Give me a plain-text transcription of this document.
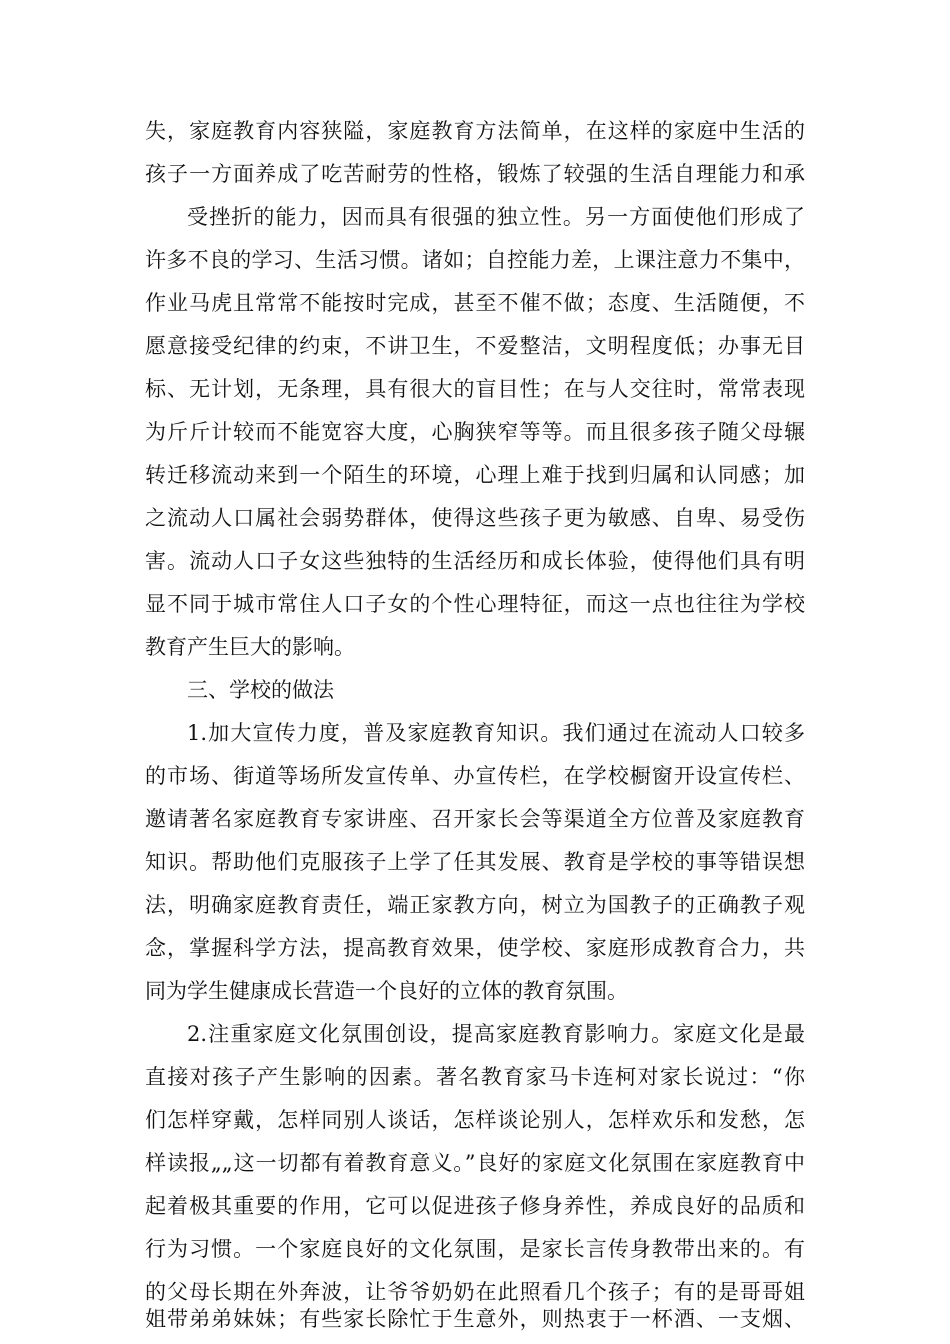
失，家庭教育内容狭隘，家庭教育方法简单，在这样的家庭中生活的
孩子一方面养成了吃苦耐劳的性格，锻炼了较强的生活自理能力和承
受挫折的能力，因而具有很强的独立性。另一方面使他们形成了
许多不良的学习、生活习惯。诸如；自控能力差，上课注意力不集中，
作业马虎且常常不能按时完成，甚至不催不做；态度、生活随便，不
愿意接受纪律的约束，不讲卫生，不爱整洁，文明程度低；办事无目
标、无计划，无条理，具有很大的盲目性；在与人交往时，常常表现
为斤斤计较而不能宽容大度，心胸狭窄等等。而且很多孩子随父母辗
转迁移流动来到一个陌生的环境，心理上难于找到归属和认同感；加
之流动人口属社会弱势群体，使得这些孩子更为敏感、自卑、易受伤
害。流动人口子女这些独特的生活经历和成长体验，使得他们具有明
显不同于城市常住人口子女的个性心理特征，而这一点也往往为学校
教育产生巨大的影响。
三、学校的做法
1.加大宣传力度，普及家庭教育知识。我们通过在流动人口较多
的市场、街道等场所发宣传单、办宣传栏，在学校橱窗开设宣传栏、
邀请著名家庭教育专家讲座、召开家长会等渠道全方位普及家庭教育
知识。帮助他们克服孩子上学了任其发展、教育是学校的事等错误想
法，明确家庭教育责任，端正家教方向，树立为国教子的正确教子观
念，掌握科学方法，提高教育效果，使学校、家庭形成教育合力，共
同为学生健康成长营造一个良好的立体的教育氛围。
2.注重家庭文化氛围创设，提高家庭教育影响力。家庭文化是最
直接对孩子产生影响的因素。著名教育家马卡连柯对家长说过：“你
们怎样穿戴，怎样同别人谈话，怎样谈论别人，怎样欢乐和发愁，怎
样读报„„这一切都有着教育意义。”良好的家庭文化氛围在家庭教育中
起着极其重要的作用，它可以促进孩子修身养性，养成良好的品质和
行为习惯。一个家庭良好的文化氛围，是家长言传身教带出来的。有
的父母长期在外奔波，让爷爷奶奶在此照看几个孩子；有的是哥哥姐
姐带弟弟妹妹；有些家长除忙于生意外，则热衷于一杯酒、一支烟、
